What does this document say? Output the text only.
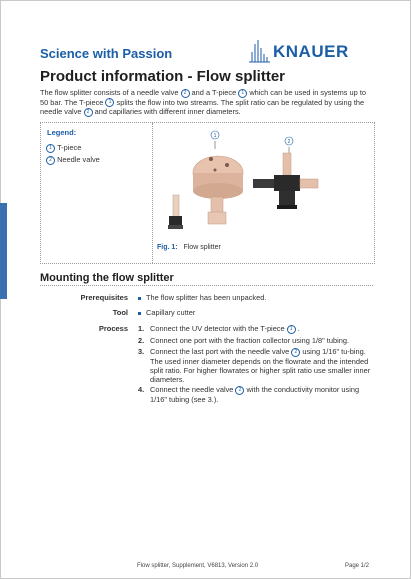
Science with Passion	KNAUER
Product information - Flow splitter
The flow splitter consists of a needle valve 2 and a T-piece 1 which can be used in systems up to 50 bar. The T-piece 1 splits the flow into two streams. The split ratio can be regulated by using the needle valve 2 and capillaries with different inner diameters.
Legend:
1 T-piece
2 Needle valve
1
2
Fig. 1: Flow splitter
Mounting the flow splitter
Prerequisites	The flow splitter has been unpacked.
Tool	Capillary cutter
Process 1. Connect the UV detector with the T-piece 1 .
2. Connect one port with the fraction collector using 1/8" tubing.
3. Connect the last port with the needle valve 2 using 1/16" tu-bing. The used inner diameter depends on the flowrate and the intended split ratio. For higher flowrates or higher split ratio use smaller inner diameters.
4. Connect the needle valve 2 with the conductivity monitor using 1/16" tubing (see 3.).
Flow splitter, Supplement, V6813, Version 2.0	Page 1/2
